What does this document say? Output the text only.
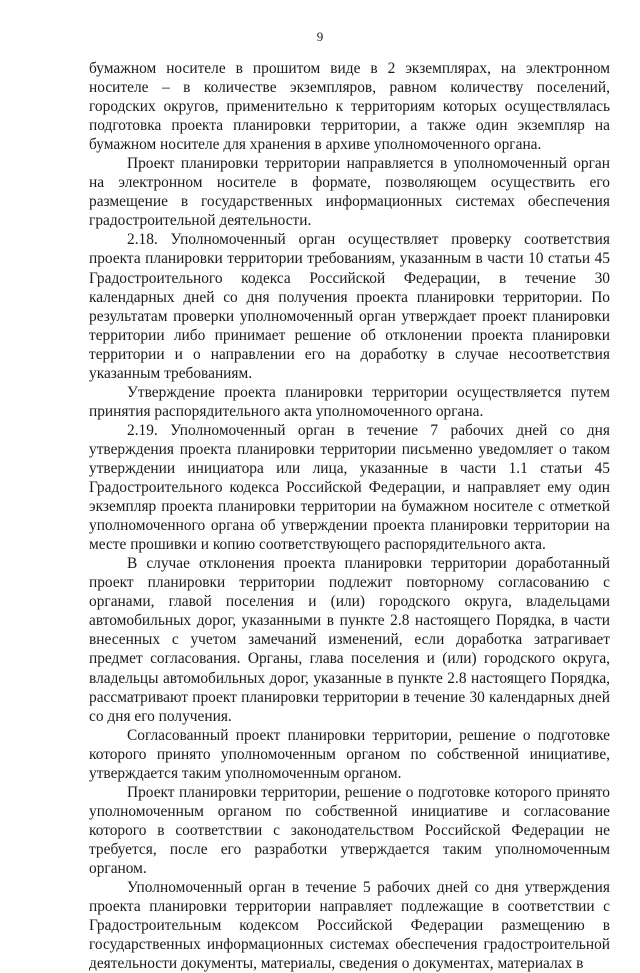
9

бумажном носителе в прошитом виде в 2 экземплярах, на электронном носителе – в количестве экземпляров, равном количеству поселений, городских округов, применительно к территориям которых осуществлялась подготовка проекта планировки территории, а также один экземпляр на бумажном носителе для хранения в архиве уполномоченного органа.

Проект планировки территории направляется в уполномоченный орган на электронном носителе в формате, позволяющем осуществить его размещение в государственных информационных системах обеспечения градостроительной деятельности.

2.18. Уполномоченный орган осуществляет проверку соответствия проекта планировки территории требованиям, указанным в части 10 статьи 45 Градостроительного кодекса Российской Федерации, в течение 30 календарных дней со дня получения проекта планировки территории. По результатам проверки уполномоченный орган утверждает проект планировки территории либо принимает решение об отклонении проекта планировки территории и о направлении его на доработку в случае несоответствия указанным требованиям.

Утверждение проекта планировки территории осуществляется путем принятия распорядительного акта уполномоченного органа.

2.19. Уполномоченный орган в течение 7 рабочих дней со дня утверждения проекта планировки территории письменно уведомляет о таком утверждении инициатора или лица, указанные в части 1.1 статьи 45 Градостроительного кодекса Российской Федерации, и направляет ему один экземпляр проекта планировки территории на бумажном носителе с отметкой уполномоченного органа об утверждении проекта планировки территории на месте прошивки и копию соответствующего распорядительного акта.

В случае отклонения проекта планировки территории доработанный проект планировки территории подлежит повторному согласованию с органами, главой поселения и (или) городского округа, владельцами автомобильных дорог, указанными в пункте 2.8 настоящего Порядка, в части внесенных с учетом замечаний изменений, если доработка затрагивает предмет согласования. Органы, глава поселения и (или) городского округа, владельцы автомобильных дорог, указанные в пункте 2.8 настоящего Порядка, рассматривают проект планировки территории в течение 30 календарных дней со дня его получения.

Согласованный проект планировки территории, решение о подготовке которого принято уполномоченным органом по собственной инициативе, утверждается таким уполномоченным органом.

Проект планировки территории, решение о подготовке которого принято уполномоченным органом по собственной инициативе и согласование которого в соответствии с законодательством Российской Федерации не требуется, после его разработки утверждается таким уполномоченным органом.

Уполномоченный орган в течение 5 рабочих дней со дня утверждения проекта планировки территории направляет подлежащие в соответствии с Градостроительным кодексом Российской Федерации размещению в государственных информационных системах обеспечения градостроительной деятельности документы, материалы, сведения о документах, материалах в
